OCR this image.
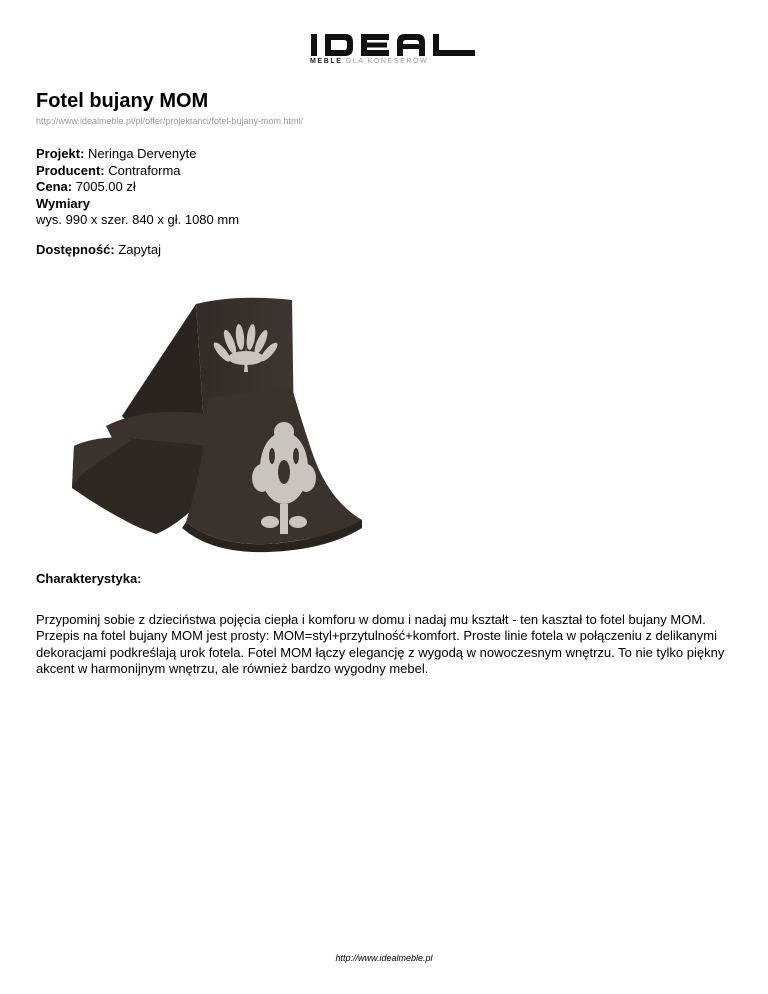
MEBLE DLA KONESERÓW
Fotel bujany MOM
http://www.idealmeble.pl/pl/offer/projektanci/fotel-bujany-mom.html/
Projekt: Neringa Dervenyte
Producent: Contraforma
Cena: 7005.00 zł
Wymiary
wys. 990 x szer. 840 x gł. 1080 mm
Dostępność: Zapytaj
Charakterystyka:

Przypominj sobie z dzieciństwa pojęcia ciepła i komforu w domu i nadaj mu kształt - ten kaształ to fotel bujany MOM.

Przepis na fotel bujany MOM jest prosty: MOM=styl+przytulność+komfort. Proste linie fotela w połączeniu z delikanymi dekoracjami podkreślają urok fotela. Fotel MOM łączy elegancję z wygodą w nowoczesnym wnętrzu. To nie tylko piękny akcent w harmonijnym wnętrzu, ale również bardzo wygodny mebel.

http://www.idealmeble.pl
